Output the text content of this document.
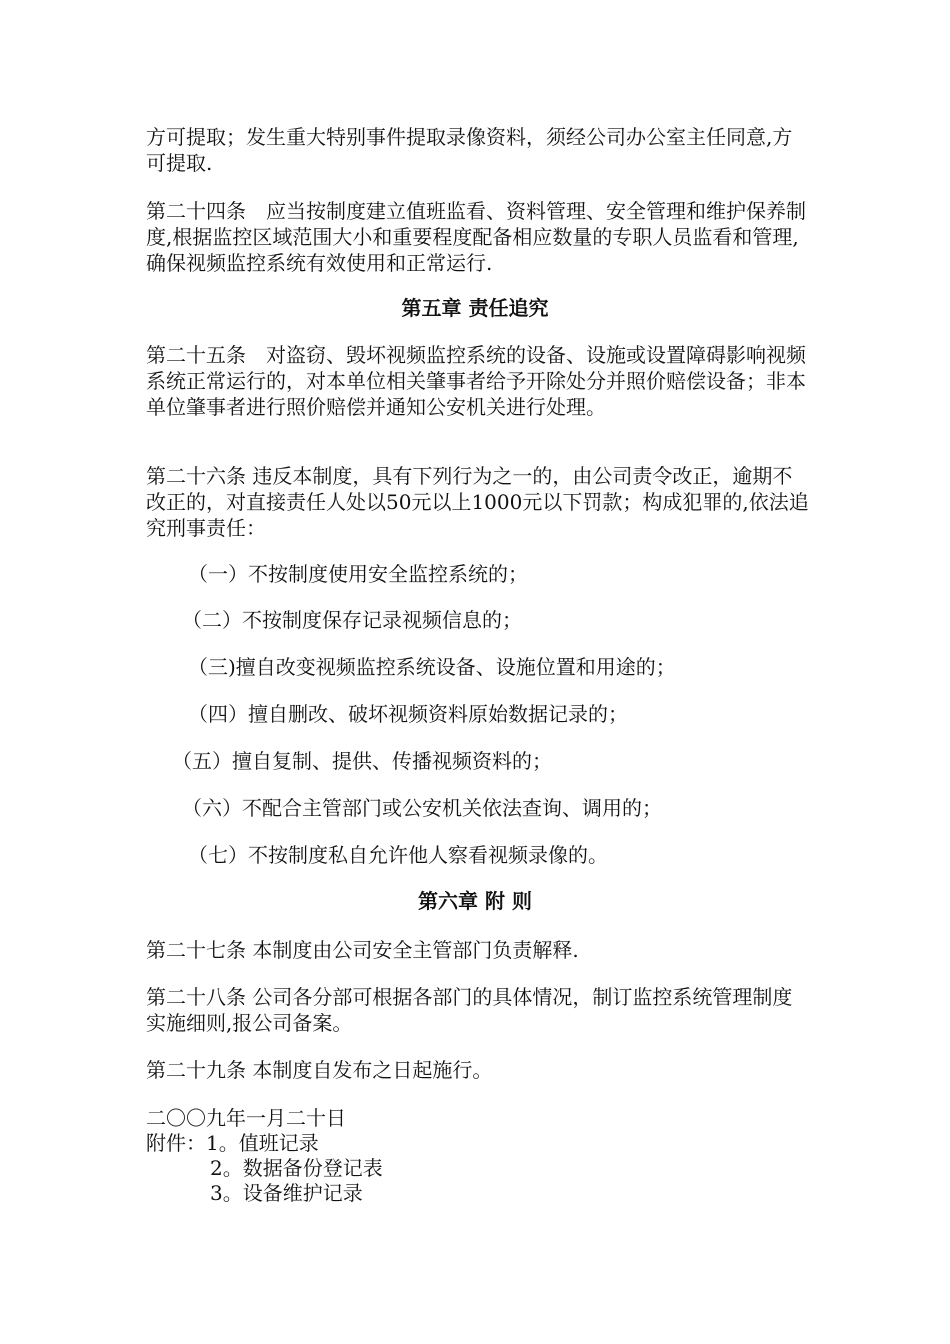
方可提取；发生重大特别事件提取录像资料，须经公司办公室主任同意,方可提取.

第二十四条　应当按制度建立值班监看、资料管理、安全管理和维护保养制度,根据监控区域范围大小和重要程度配备相应数量的专职人员监看和管理,确保视频监控系统有效使用和正常运行.

第五章 责任追究

第二十五条　对盗窃、毁坏视频监控系统的设备、设施或设置障碍影响视频系统正常运行的，对本单位相关肇事者给予开除处分并照价赔偿设备；非本单位肇事者进行照价赔偿并通知公安机关进行处理。

第二十六条 违反本制度，具有下列行为之一的，由公司责令改正，逾期不改正的，对直接责任人处以50元以上1000元以下罚款；构成犯罪的,依法追究刑事责任：

（一）不按制度使用安全监控系统的；
（二）不按制度保存记录视频信息的；
（三)擅自改变视频监控系统设备、设施位置和用途的；
（四）擅自删改、破坏视频资料原始数据记录的；
（五）擅自复制、提供、传播视频资料的；
（六）不配合主管部门或公安机关依法查询、调用的；
（七）不按制度私自允许他人察看视频录像的。
第六章 附 则

第二十七条 本制度由公司安全主管部门负责解释.

第二十八条 公司各分部可根据各部门的具体情况，制订监控系统管理制度实施细则,报公司备案。

第二十九条 本制度自发布之日起施行。

二〇〇九年一月二十日
附件：1。值班记录
2。数据备份登记表
3。设备维护记录
